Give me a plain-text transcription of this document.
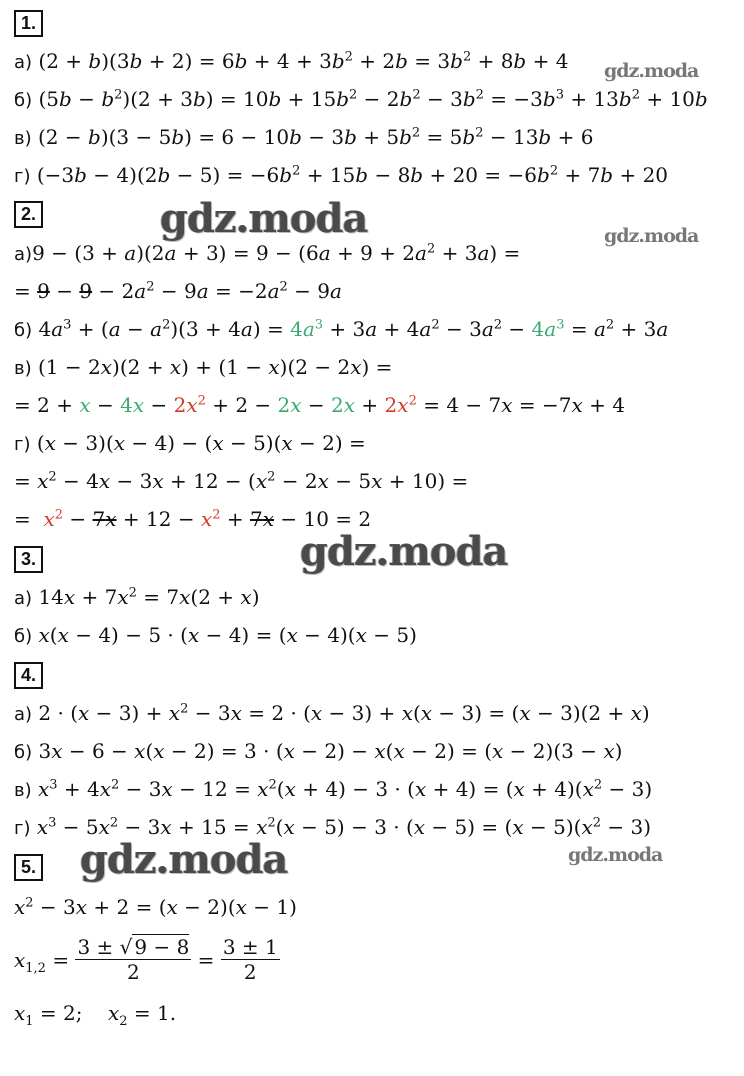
gdz.moda
gdz.moda	gdz.moda
gdz.moda
gdz.moda	gdz.moda
1.
а) $(2 + b)(3b + 2) = 6b + 4 + 3b^2 + 2b = 3b^2 + 8b + 4$
б) $(5b - b^2)(2 + 3b) = 10b + 15b^2 - 2b^2 - 3b^2 = -3b^3 + 13b^2 + 10b$
в) $(2 - b)(3 - 5b) = 6 - 10b - 3b + 5b^2 = 5b^2 - 13b + 6$
г) $(-3b - 4)(2b - 5) = -6b^2 + 15b - 8b + 20 = -6b^2 + 7b + 20$
2.
$а)9 - (3 + a)(2a + 3) = 9 - (6a + 9 + 2a^2 + 3a)$ =
= $9 - 9 - 2a^2 - 9a = -2a^2 - 9a$
б) $4a^3 + (a - a^2)(3 + 4a) = 4a^3 + 3a + 4a^2 - 3a^2 - 4a^3 = a^2 + 3a$
в) (1 − 2x)(2 + x) + (1 − x)(2 − 2x) =
= $2 + x - 4x - 2x^2 + 2 - 2x - 2x + 2x^2 = 4 - 7x = -7x + 4$
г) (x − 3)(x − 4) − (x − 5)(x − 2) =
= $x^2 - 4x - 3x + 12 - (x^2 - 2x - 5x + 10)$ =
=  $x^2 - 7x + 12 - x^2 + 7x - 10 = 2$
3.
а) $14x + 7x^2 = 7x(2 + x)$
б) x(x − 4) − 5 · (x − 4) = (x − 4)(x − 5)
4.
а) $2 \cdot (x - 3) + x^2 - 3x = 2 \cdot (x - 3) + x(x - 3) = (x - 3)(2 + x)$
б) 3x − 6 − x(x − 2) = 3 · (x − 2) − x(x − 2) = (x − 2)(3 − x)
в) $x^3 + 4x^2 - 3x - 12 = x^2(x + 4) - 3 \cdot (x + 4) = (x + 4)(x^2 - 3)$
г) $x^3 - 5x^2 - 3x + 15 = x^2(x - 5) - 3 \cdot (x - 5) = (x - 5)(x^2 - 3)$
5.
$x^2 - 3x + 2 = (x - 2)(x - 1)$
$x_{1,2} = \frac{3 \pm √ 9 - 8}{2} = \frac{3 \pm 1}{2}$
$x_1 = 2$;    $x_2 = 1$.
